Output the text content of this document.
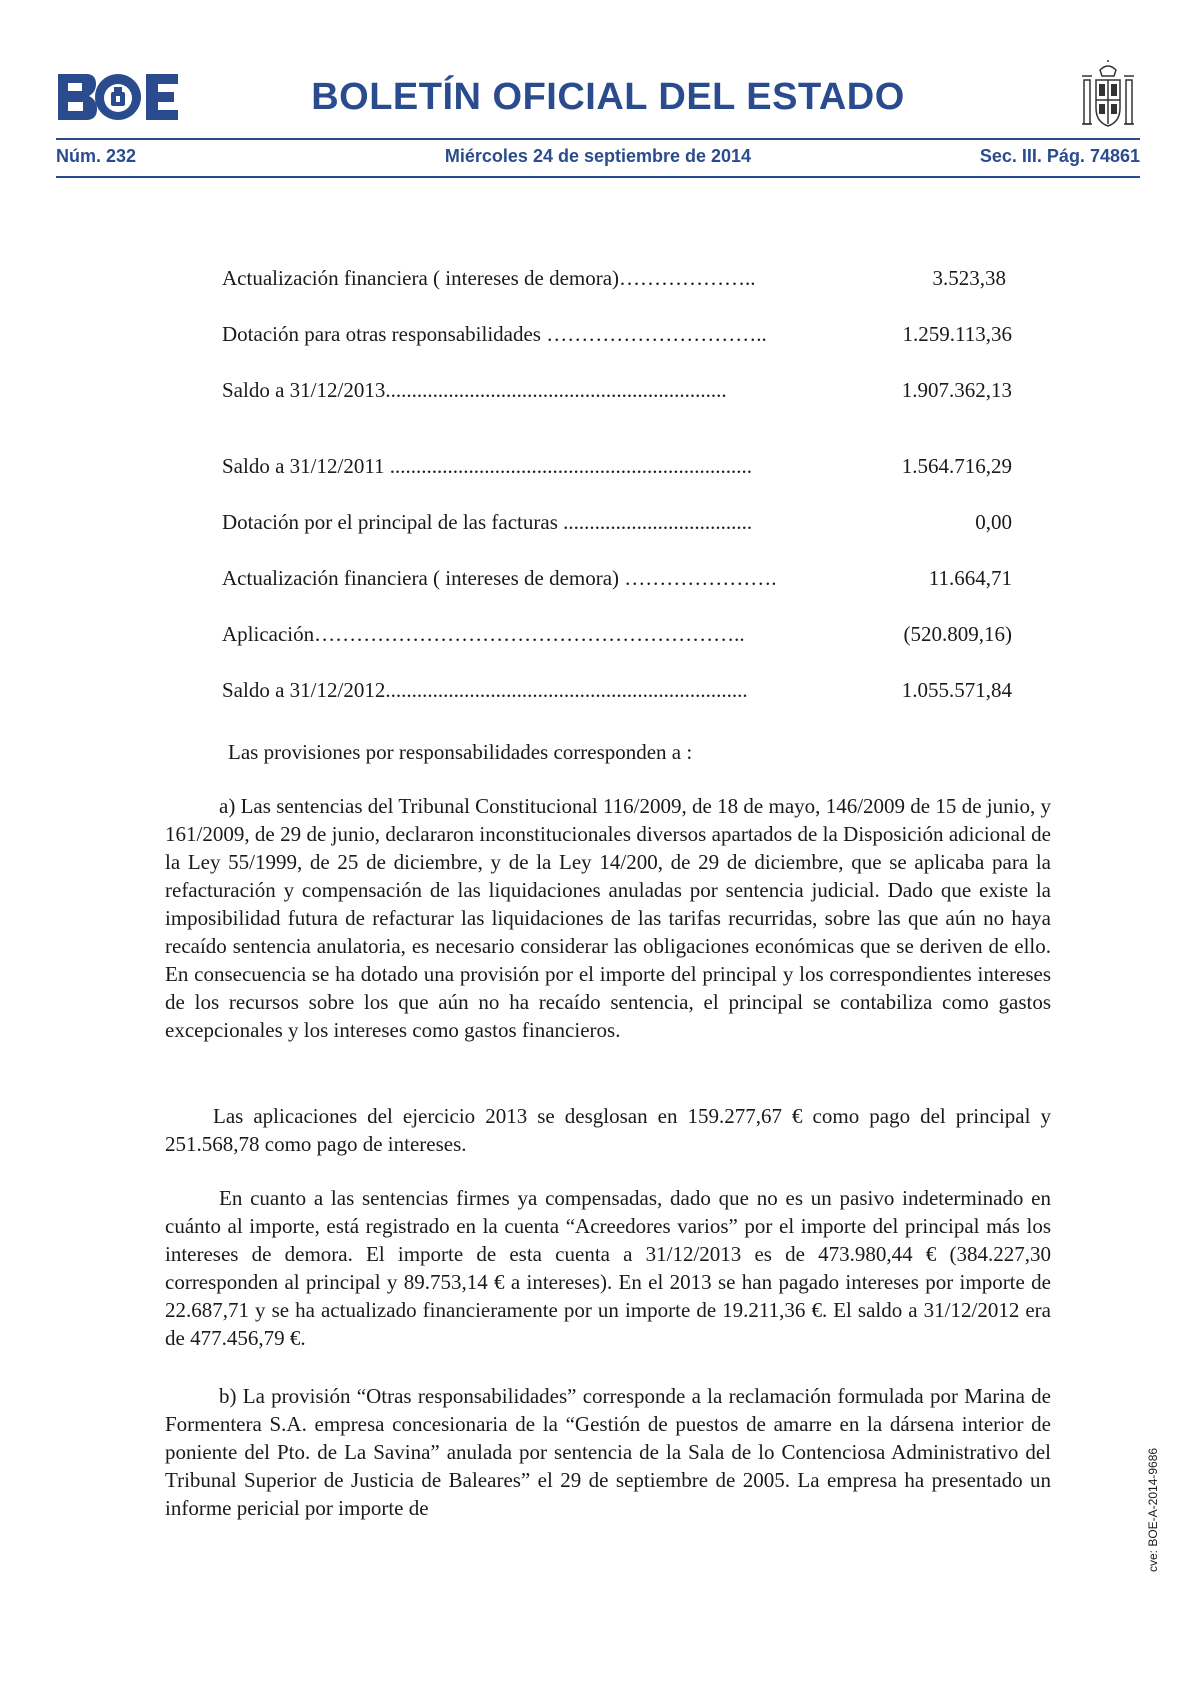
BOLETÍN OFICIAL DEL ESTADO
Núm. 232	Miércoles 24 de septiembre de 2014	Sec. III. Pág. 74861
Actualización financiera ( intereses de demora)………………..	3.523,38
Dotación para otras responsabilidades …………………………..	1.259.113,36
Saldo a 31/12/2013.................................................................	1.907.362,13
Saldo a 31/12/2011 .....................................................................	1.564.716,29
Dotación por el principal de las facturas ....................................	0,00
Actualización financiera ( intereses de demora) ………………….	11.664,71
Aplicación……………………………………………………..	(520.809,16)
Saldo a 31/12/2012.....................................................................	1.055.571,84
Las provisiones por responsabilidades corresponden a :

a) Las sentencias del Tribunal Constitucional 116/2009, de 18 de mayo, 146/2009 de 15 de junio, y 161/2009, de 29 de junio, declararon inconstitucionales diversos apartados de la Disposición adicional de la Ley 55/1999, de 25 de diciembre, y de la Ley 14/200, de 29 de diciembre, que se aplicaba para la refacturación y compensación de las liquidaciones anuladas por sentencia judicial. Dado que existe la imposibilidad futura de refacturar las liquidaciones de las tarifas recurridas, sobre las que aún no haya recaído sentencia anulatoria, es necesario considerar las obligaciones económicas que se deriven de ello. En consecuencia se ha dotado una provisión por el importe del principal y los correspondientes intereses de los recursos sobre los que aún no ha recaído sentencia, el principal se contabiliza como gastos excepcionales y los intereses como gastos financieros.

Las aplicaciones del ejercicio 2013 se desglosan en 159.277,67 € como pago del principal y 251.568,78 como pago de intereses.

En cuanto a las sentencias firmes ya compensadas, dado que no es un pasivo indeterminado en cuánto al importe, está registrado en la cuenta “Acreedores varios” por el importe del principal más los intereses de demora. El importe de esta cuenta a 31/12/2013 es de 473.980,44 € (384.227,30 corresponden al principal y 89.753,14 € a intereses). En el 2013 se han pagado intereses por importe de 22.687,71 y se ha actualizado financieramente por un importe de 19.211,36 €. El saldo a 31/12/2012 era de 477.456,79 €.

b) La provisión “Otras responsabilidades” corresponde a la reclamación formulada por Marina de Formentera S.A. empresa concesionaria de la “Gestión de puestos de amarre en la dársena interior de poniente del Pto. de La Savina” anulada por sentencia de la Sala de lo Contenciosa Administrativo del Tribunal Superior de Justicia de Baleares” el 29 de septiembre de 2005. La empresa ha presentado un informe pericial por importe de	cve: BOE-A-2014-9686
